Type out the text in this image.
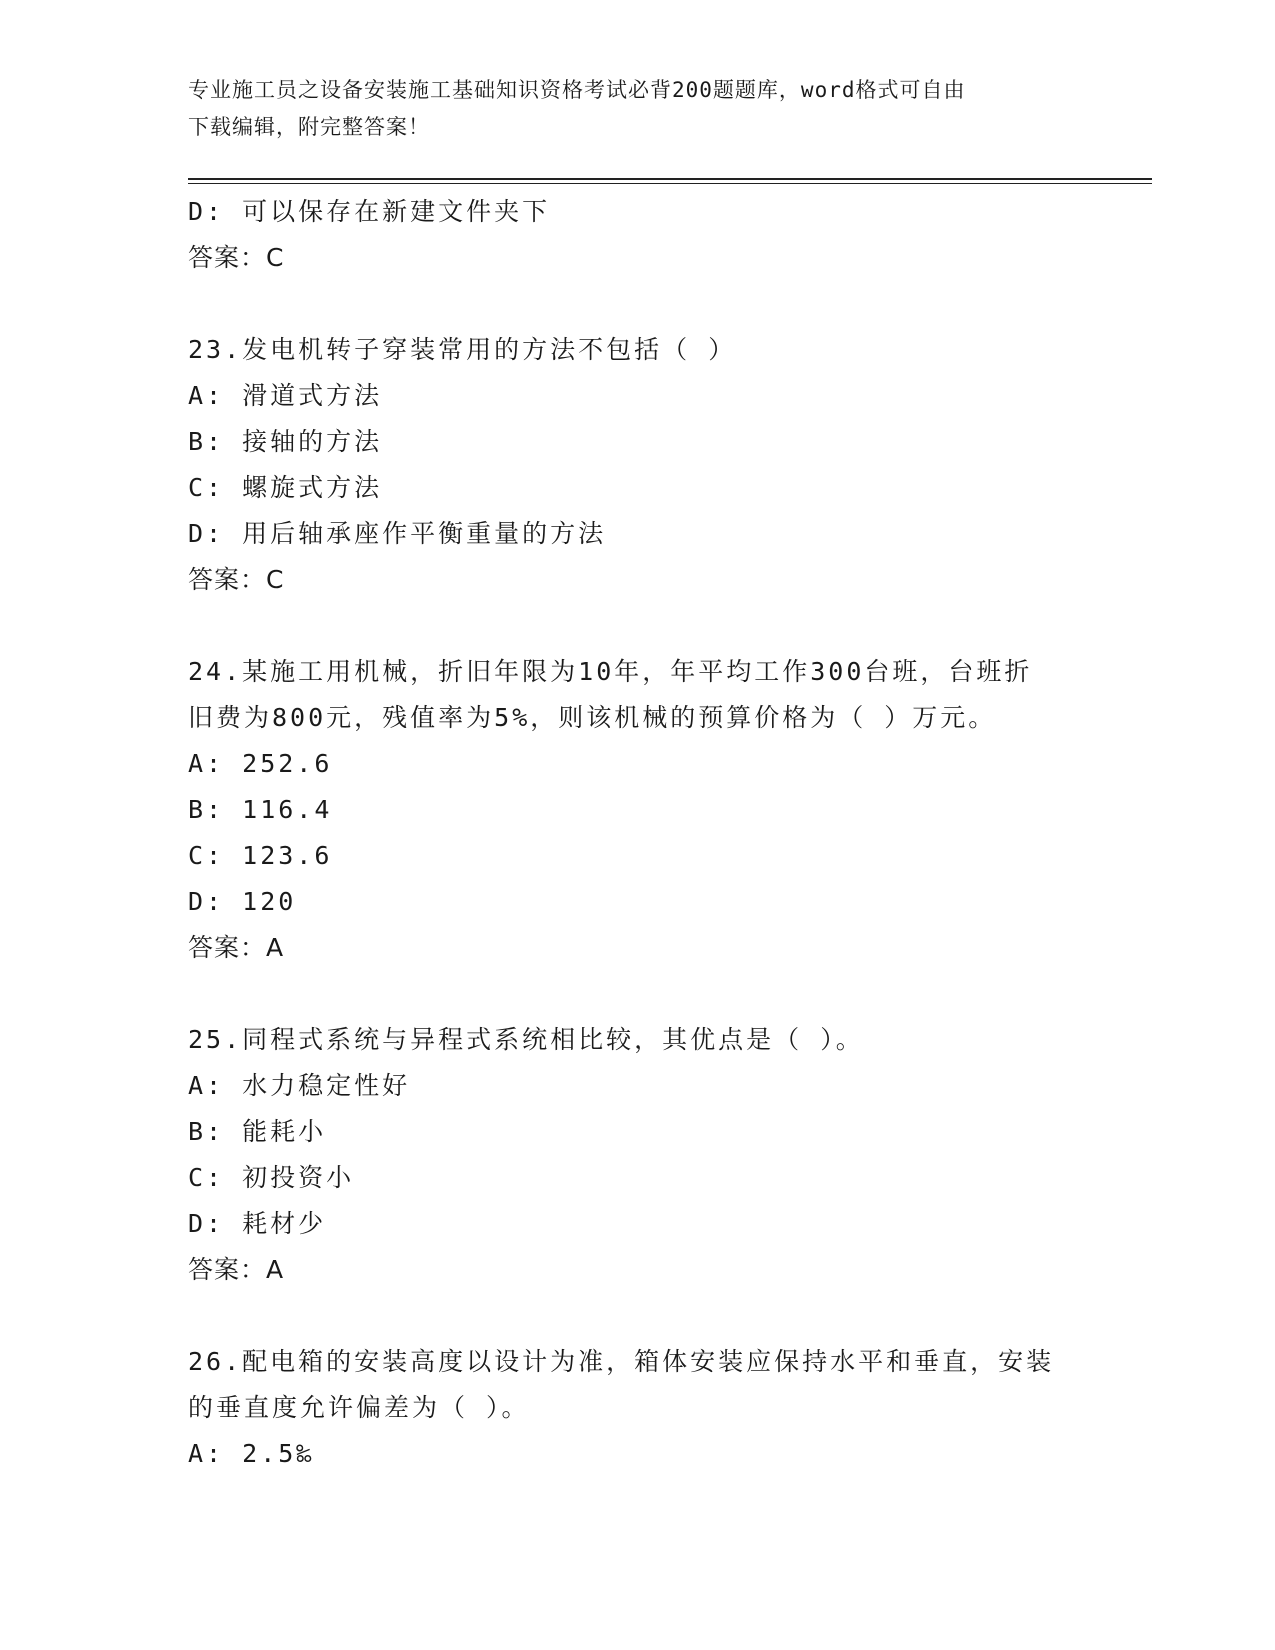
专业施工员之设备安装施工基础知识资格考试必背200题题库，word格式可自由
下载编辑，附完整答案！
D: 可以保存在新建文件夹下
答案：C
23.发电机转子穿装常用的方法不包括（ ）
A: 滑道式方法
B: 接轴的方法
C: 螺旋式方法
D: 用后轴承座作平衡重量的方法
答案：C
24.某施工用机械，折旧年限为10年，年平均工作300台班，台班折
旧费为800元，残值率为5%，则该机械的预算价格为（ ）万元。
A: 252.6
B: 116.4
C: 123.6
D: 120
答案：A
25.同程式系统与异程式系统相比较，其优点是（ ）。
A: 水力稳定性好
B: 能耗小
C: 初投资小
D: 耗材少
答案：A
26.配电箱的安装高度以设计为准，箱体安装应保持水平和垂直，安装
的垂直度允许偏差为（ ）。
A: 2.5‰
